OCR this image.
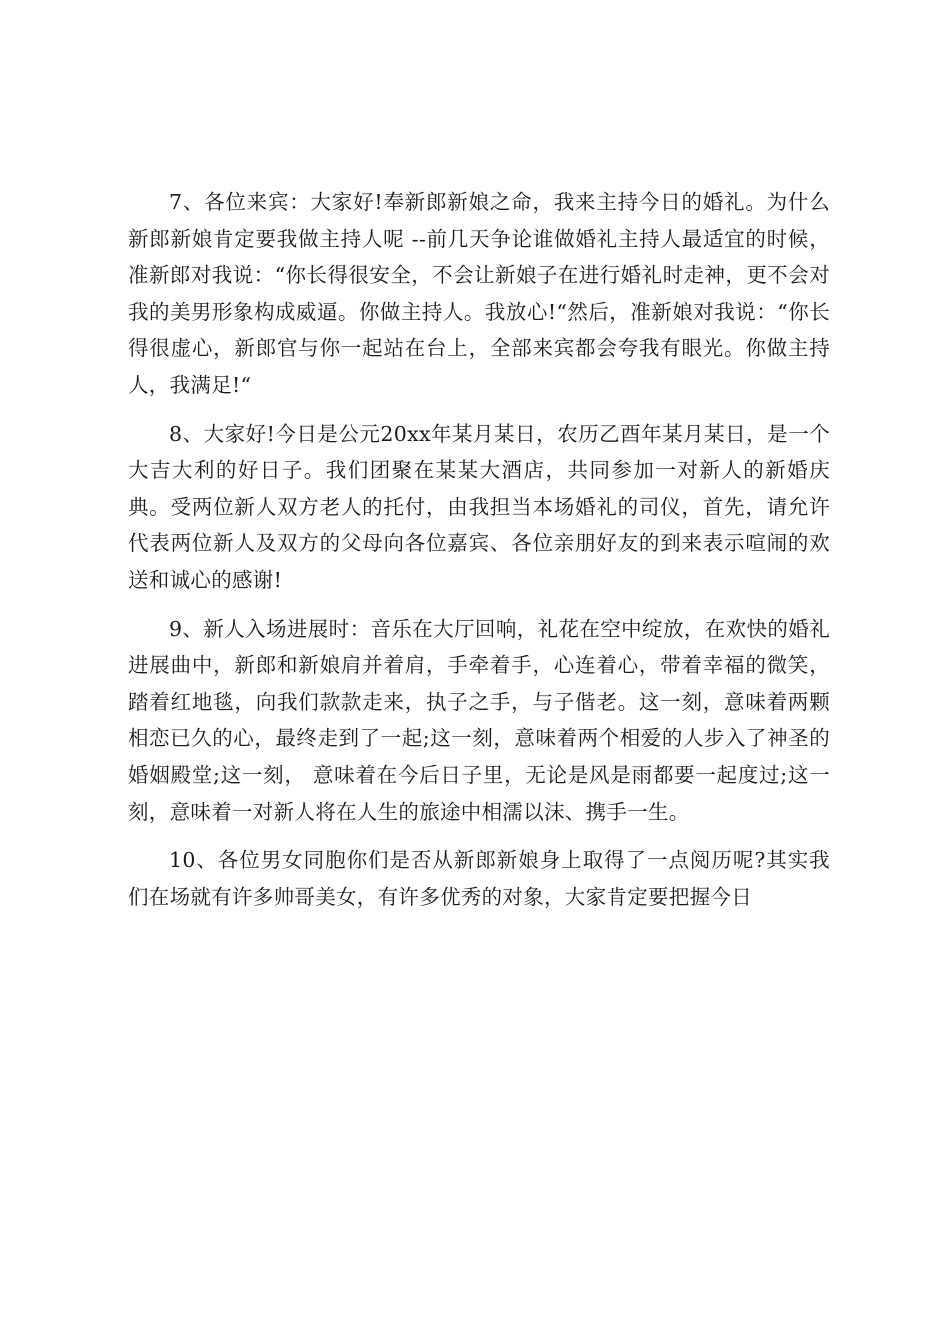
7、各位来宾：大家好!奉新郎新娘之命，我来主持今日的婚礼。为什么新郎新娘肯定要我做主持人呢 --前几天争论谁做婚礼主持人最适宜的时候，准新郎对我说：“你长得很安全，不会让新娘子在进行婚礼时走神，更不会对我的美男形象构成威逼。你做主持人。我放心!“然后，准新娘对我说：“你长得很虚心，新郎官与你一起站在台上，全部来宾都会夸我有眼光。你做主持人，我满足!“

8、大家好!今日是公元20xx年某月某日，农历乙酉年某月某日，是一个大吉大利的好日子。我们团聚在某某大酒店，共同参加一对新人的新婚庆典。受两位新人双方老人的托付，由我担当本场婚礼的司仪，首先，请允许代表两位新人及双方的父母向各位嘉宾、各位亲朋好友的到来表示喧闹的欢送和诚心的感谢!

9、新人入场进展时：音乐在大厅回响，礼花在空中绽放，在欢快的婚礼进展曲中，新郎和新娘肩并着肩，手牵着手，心连着心，带着幸福的微笑，踏着红地毯，向我们款款走来，执子之手，与子偕老。这一刻，意味着两颗相恋已久的心，最终走到了一起;这一刻，意味着两个相爱的人步入了神圣的婚姻殿堂;这一刻， 意味着在今后日子里，无论是风是雨都要一起度过;这一刻，意味着一对新人将在人生的旅途中相濡以沫、携手一生。

10、各位男女同胞你们是否从新郎新娘身上取得了一点阅历呢?其实我们在场就有许多帅哥美女，有许多优秀的对象，大家肯定要把握今日
